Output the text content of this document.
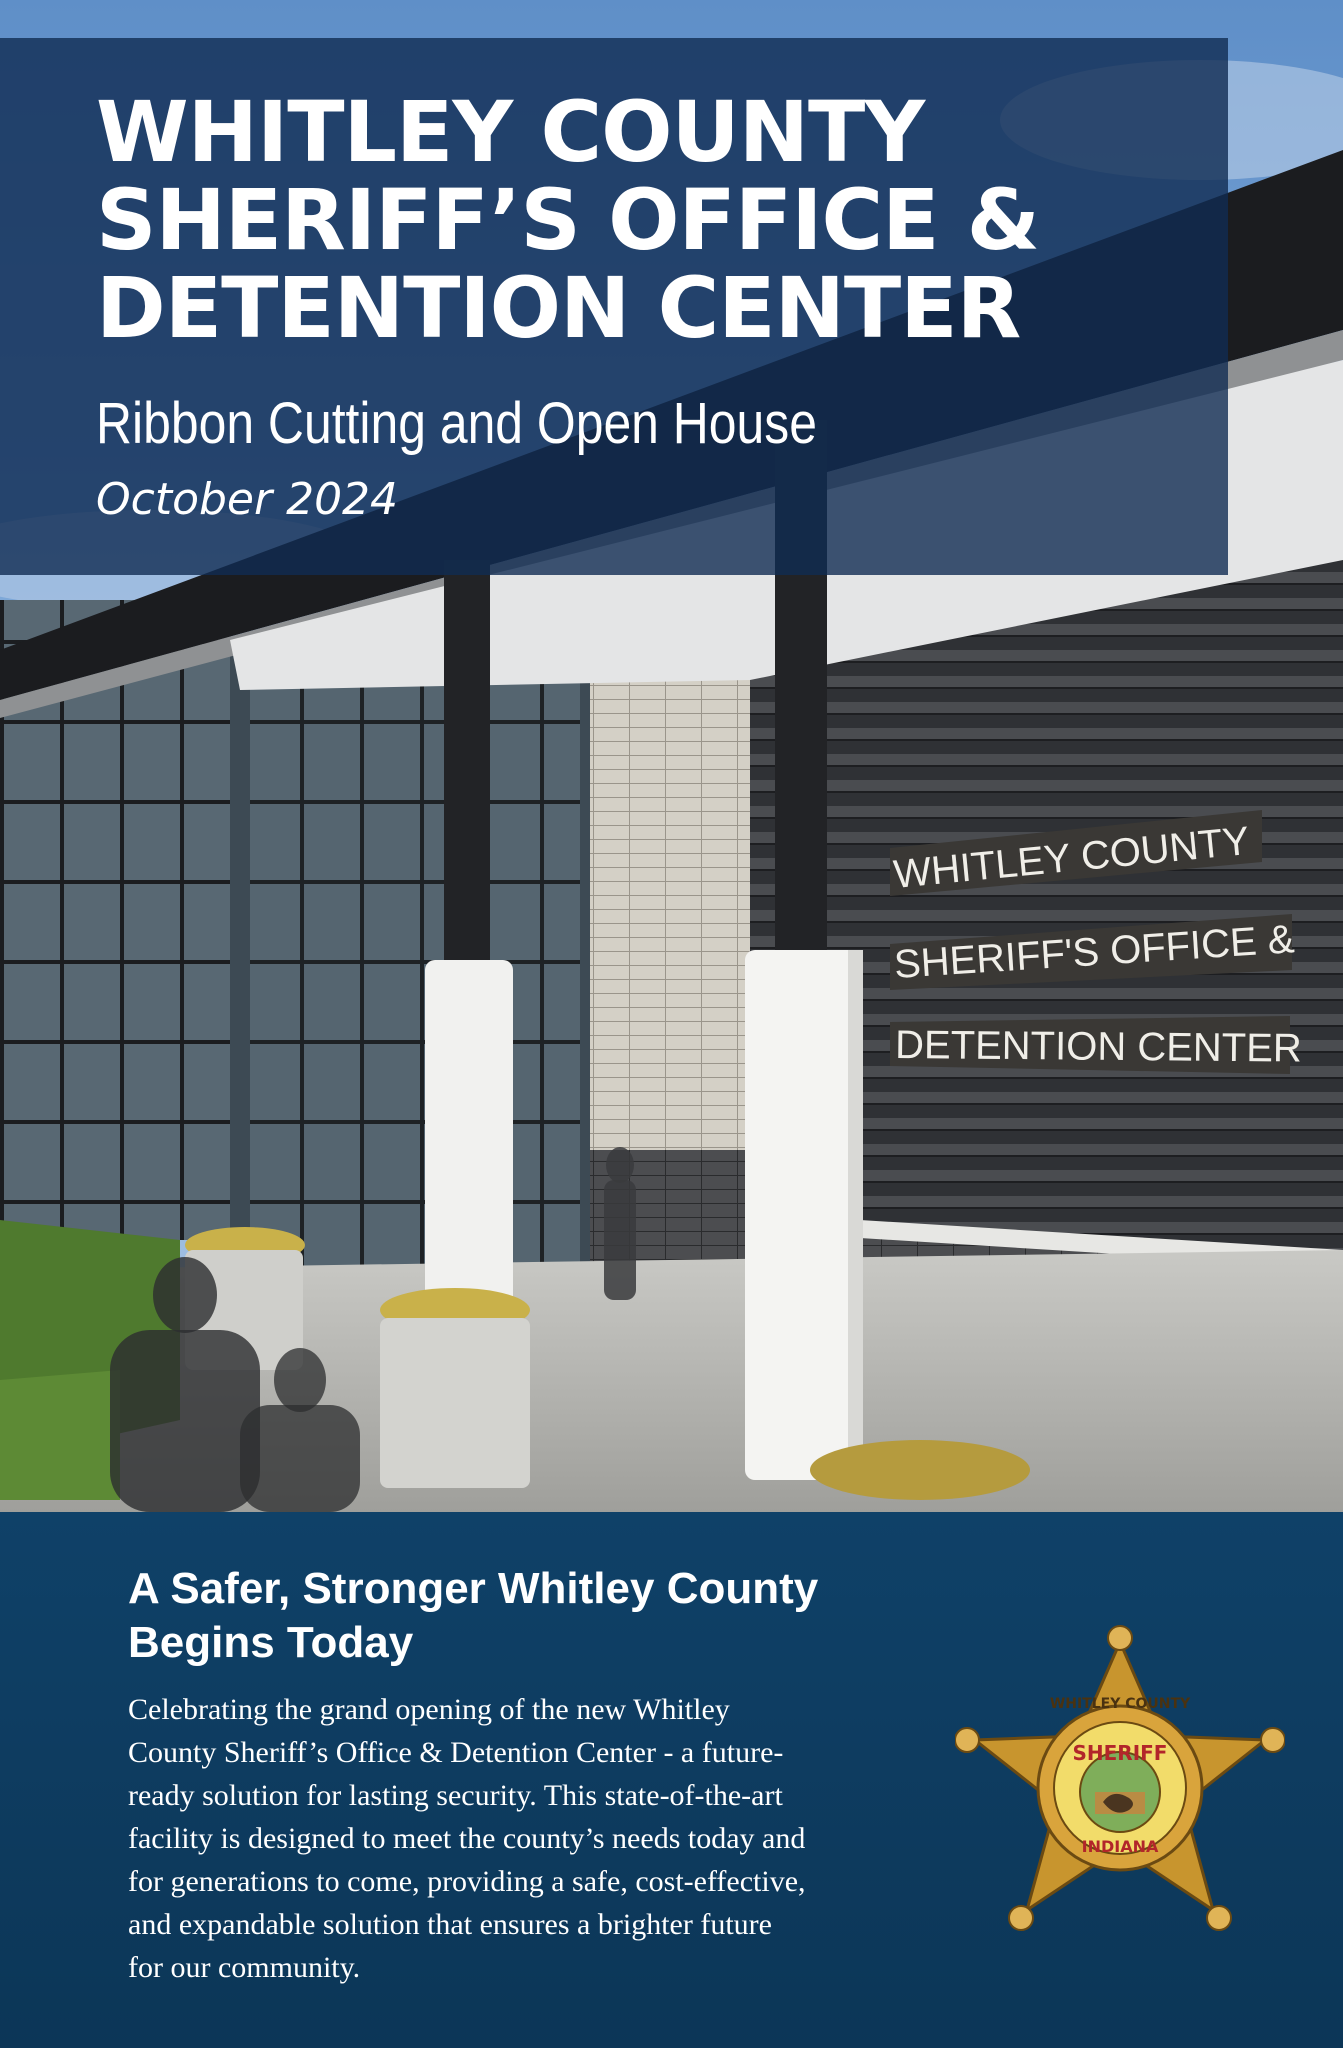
WHITLEY COUNTY
SHERIFF'S OFFICE &
DETENTION CENTER
WHITLEY COUNTY
SHERIFF’S OFFICE &
DETENTION CENTER
Ribbon Cutting and Open House
October 2024
A Safer, Stronger Whitley County
Begins Today

Celebrating the grand opening of the new Whitley
County Sheriff’s Office & Detention Center - a future-
ready solution for lasting security. This state-of-the-art
facility is designed to meet the county’s needs today and
for generations to come, providing a safe, cost-effective,
and expandable solution that ensures a brighter future
for our community.

SHERIFF
INDIANA
WHITLEY COUNTY
